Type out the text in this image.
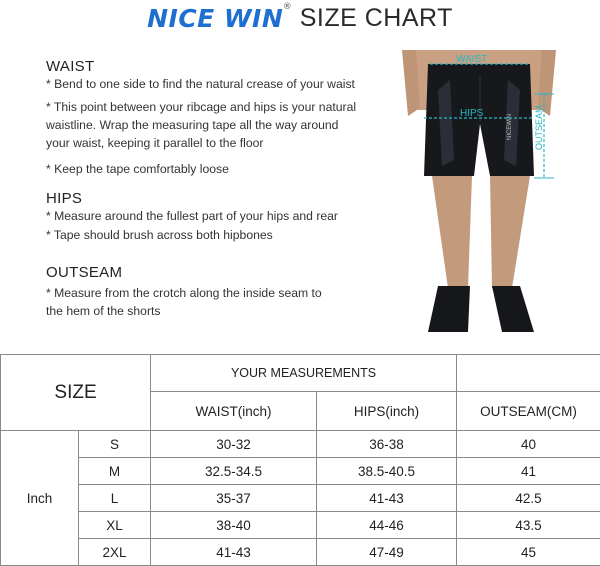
NICE WIN ® SIZE CHART
WAIST
* Bend to one side to find the natural crease of your waist
* This point between your ribcage and hips is your natural
waistline. Wrap the measuring tape all the way around
your waist, keeping it parallel to the floor
* Keep the tape comfortably loose
HIPS
* Measure around the fullest part of your hips and rear
* Tape should brush across both hipbones
OUTSEAM
* Measure from the crotch along the inside seam to
the hem of the shorts
NICEWIN
WAIST
HIPS	OUTSEAM
SIZE		YOUR MEASUREMENTS		
		WAIST(inch)	HIPS(inch)	OUTSEAM(CM)
Inch	S	30-32	36-38	40
	M	32.5-34.5	38.5-40.5	41
	L	35-37	41-43	42.5
	XL	38-40	44-46	43.5
	2XL	41-43	47-49	45
